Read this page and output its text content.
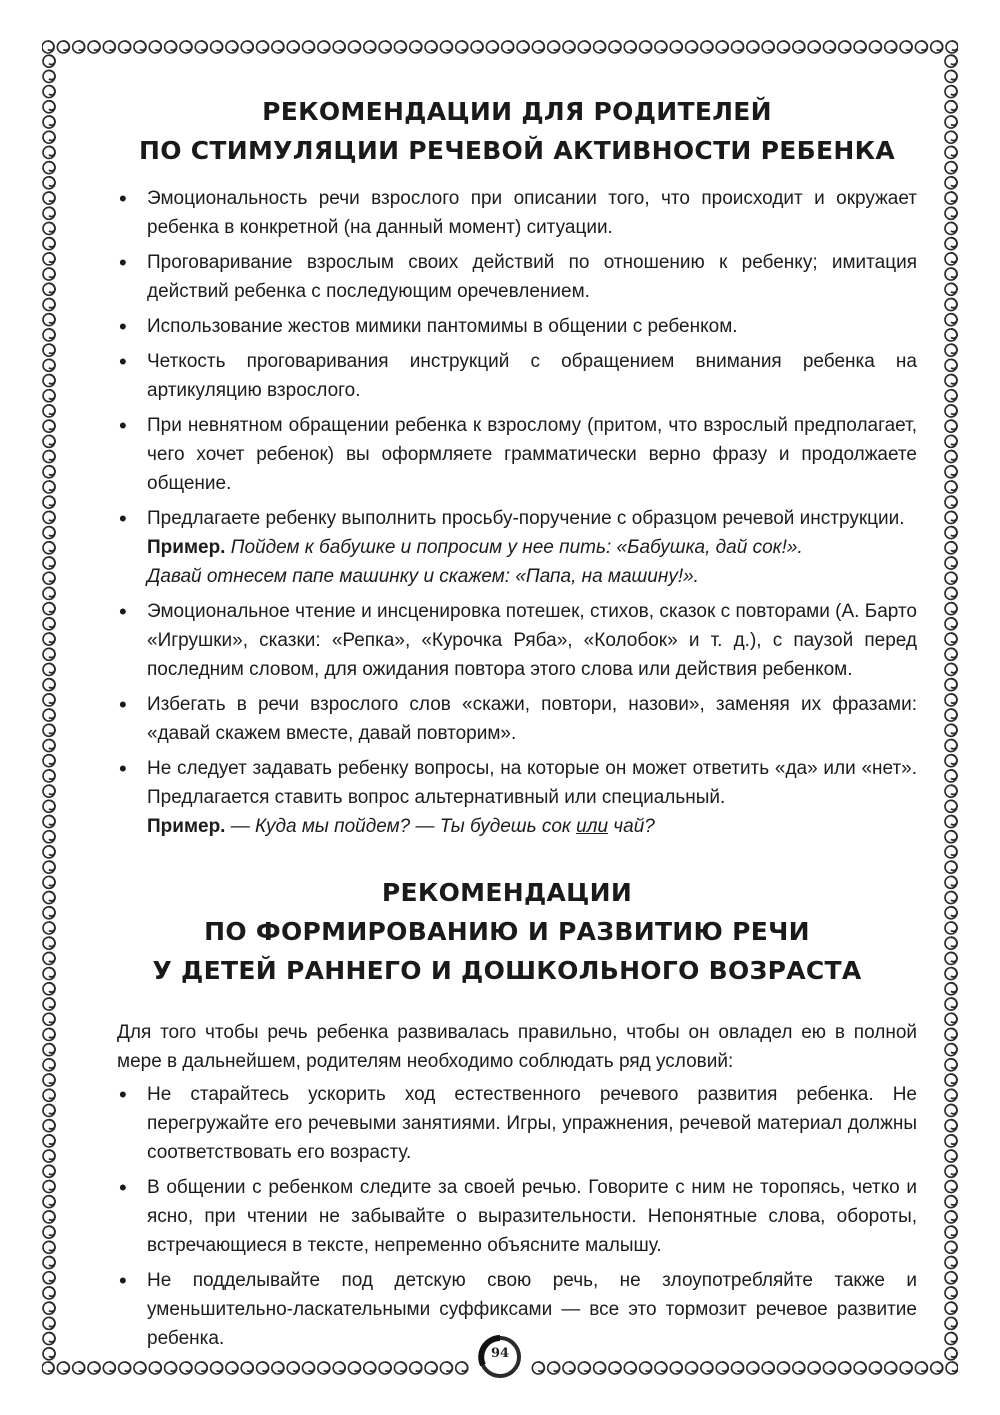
РЕКОМЕНДАЦИИ ДЛЯ РОДИТЕЛЕЙ
ПО СТИМУЛЯЦИИ РЕЧЕВОЙ АКТИВНОСТИ РЕБЕНКА
• Эмоциональность речи взрослого при описании того, что происходит и окружает ребенка в конкретной (на данный момент) ситуации.
• Проговаривание взрослым своих действий по отношению к ребенку; имитация действий ребенка с последующим оречевлением.
• Использование жестов мимики пантомимы в общении с ребенком.
• Четкость проговаривания инструкций с обращением внимания ребенка на артикуляцию взрослого.
• При невнятном обращении ребенка к взрослому (притом, что взрослый предполагает, чего хочет ребенок) вы оформляете грамматически верно фразу и продолжаете общение.
• Предлагаете ребенку выполнить просьбу-поручение с образцом речевой инструкции.
Пример. Пойдем к бабушке и попросим у нее пить: «Бабушка, дай сок!».
Давай отнесем папе машинку и скажем: «Папа, на машину!».
• Эмоциональное чтение и инсценировка потешек, стихов, сказок с повторами (А. Барто «Игрушки», сказки: «Репка», «Курочка Ряба», «Колобок» и т. д.), с паузой перед последним словом, для ожидания повтора этого слова или действия ребенком.
• Избегать в речи взрослого слов «скажи, повтори, назови», заменяя их фразами: «давай скажем вместе, давай повторим».
• Не следует задавать ребенку вопросы, на которые он может ответить «да» или «нет». Предлагается ставить вопрос альтернативный или специальный.
Пример. — Куда мы пойдем? — Ты будешь сок или чай?
РЕКОМЕНДАЦИИ
ПО ФОРМИРОВАНИЮ И РАЗВИТИЮ РЕЧИ
У ДЕТЕЙ РАННЕГО И ДОШКОЛЬНОГО ВОЗРАСТА

Для того чтобы речь ребенка развивалась правильно, чтобы он овладел ею в полной мере в дальнейшем, родителям необходимо соблюдать ряд условий:

• Не старайтесь ускорить ход естественного речевого развития ребенка. Не перегружайте его речевыми занятиями. Игры, упражнения, речевой материал должны соответствовать его возрасту.
• В общении с ребенком следите за своей речью. Говорите с ним не торопясь, четко и ясно, при чтении не забывайте о выразительности. Непонятные слова, обороты, встречающиеся в тексте, непременно объясните малышу.
• Не подделывайте под детскую свою речь, не злоупотребляйте также и уменьшительно-ласкательными суффиксами — все это тормозит речевое развитие ребенка.
94
